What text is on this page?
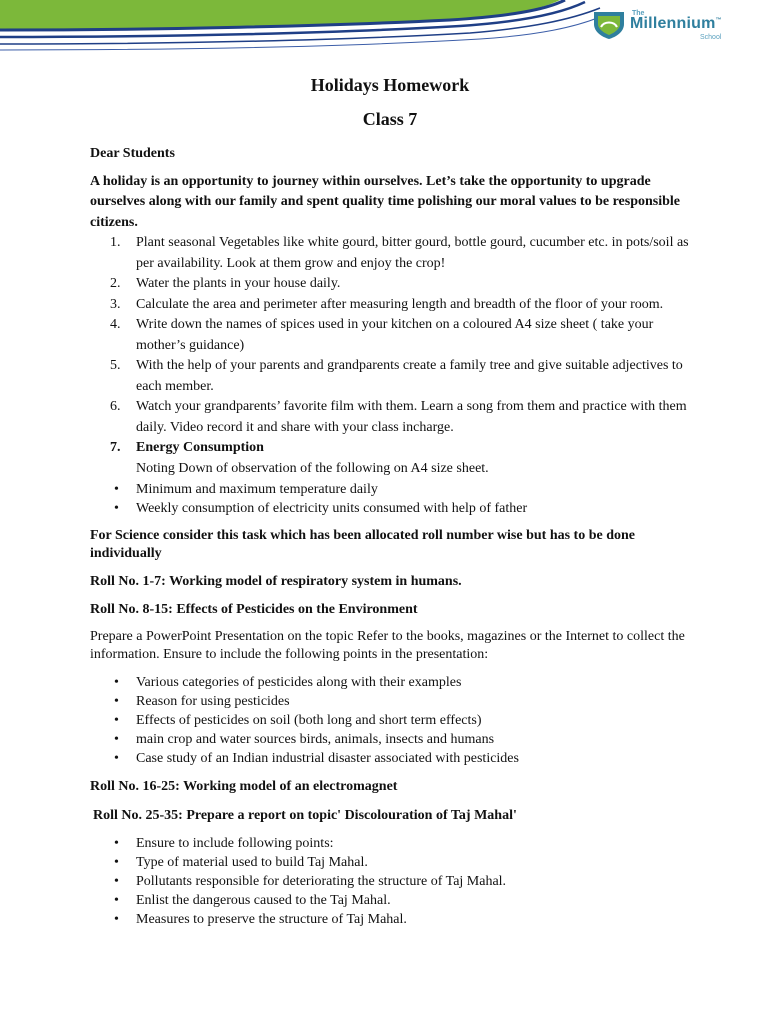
The
Millennium™
School
Holidays Homework
Class 7

Dear Students

A holiday is an opportunity to journey within ourselves. Let’s take the opportunity to upgrade ourselves along with our family and spent quality time polishing our moral values to be responsible citizens.

1. Plant seasonal Vegetables like white gourd, bitter gourd, bottle gourd, cucumber etc. in pots/soil as per availability. Look at them grow and enjoy the crop!
2. Water the plants in your house daily.
3. Calculate the area and perimeter after measuring length and breadth of the floor of your room.
4. Write down the names of spices used in your kitchen on a coloured A4 size sheet ( take your mother’s guidance)
5. With the help of your parents and grandparents create a family tree and give suitable adjectives to each member.
6. Watch your grandparents’ favorite film with them. Learn a song from them and practice with them daily. Video record it and share with your class incharge.
7. Energy Consumption
Noting Down of observation of the following on A4 size sheet.
• Minimum and maximum temperature daily
• Weekly consumption of electricity units consumed with help of father

For Science consider this task which has been allocated roll number wise but has to be done individually

Roll No. 1-7: Working model of respiratory system in humans.

Roll No. 8-15: Effects of Pesticides on the Environment

Prepare a PowerPoint Presentation on the topic Refer to the books, magazines or the Internet to collect the information. Ensure to include the following points in the presentation:

• Various categories of pesticides along with their examples
• Reason for using pesticides
• Effects of pesticides on soil (both long and short term effects)
• main crop and water sources birds, animals, insects and humans
• Case study of an Indian industrial disaster associated with pesticides

Roll No. 16-25: Working model of an electromagnet

Roll No. 25-35: Prepare a report on topic' Discolouration of Taj Mahal'

• Ensure to include following points:
• Type of material used to build Taj Mahal.
• Pollutants responsible for deteriorating the structure of Taj Mahal.
• Enlist the dangerous caused to the Taj Mahal.
• Measures to preserve the structure of Taj Mahal.
